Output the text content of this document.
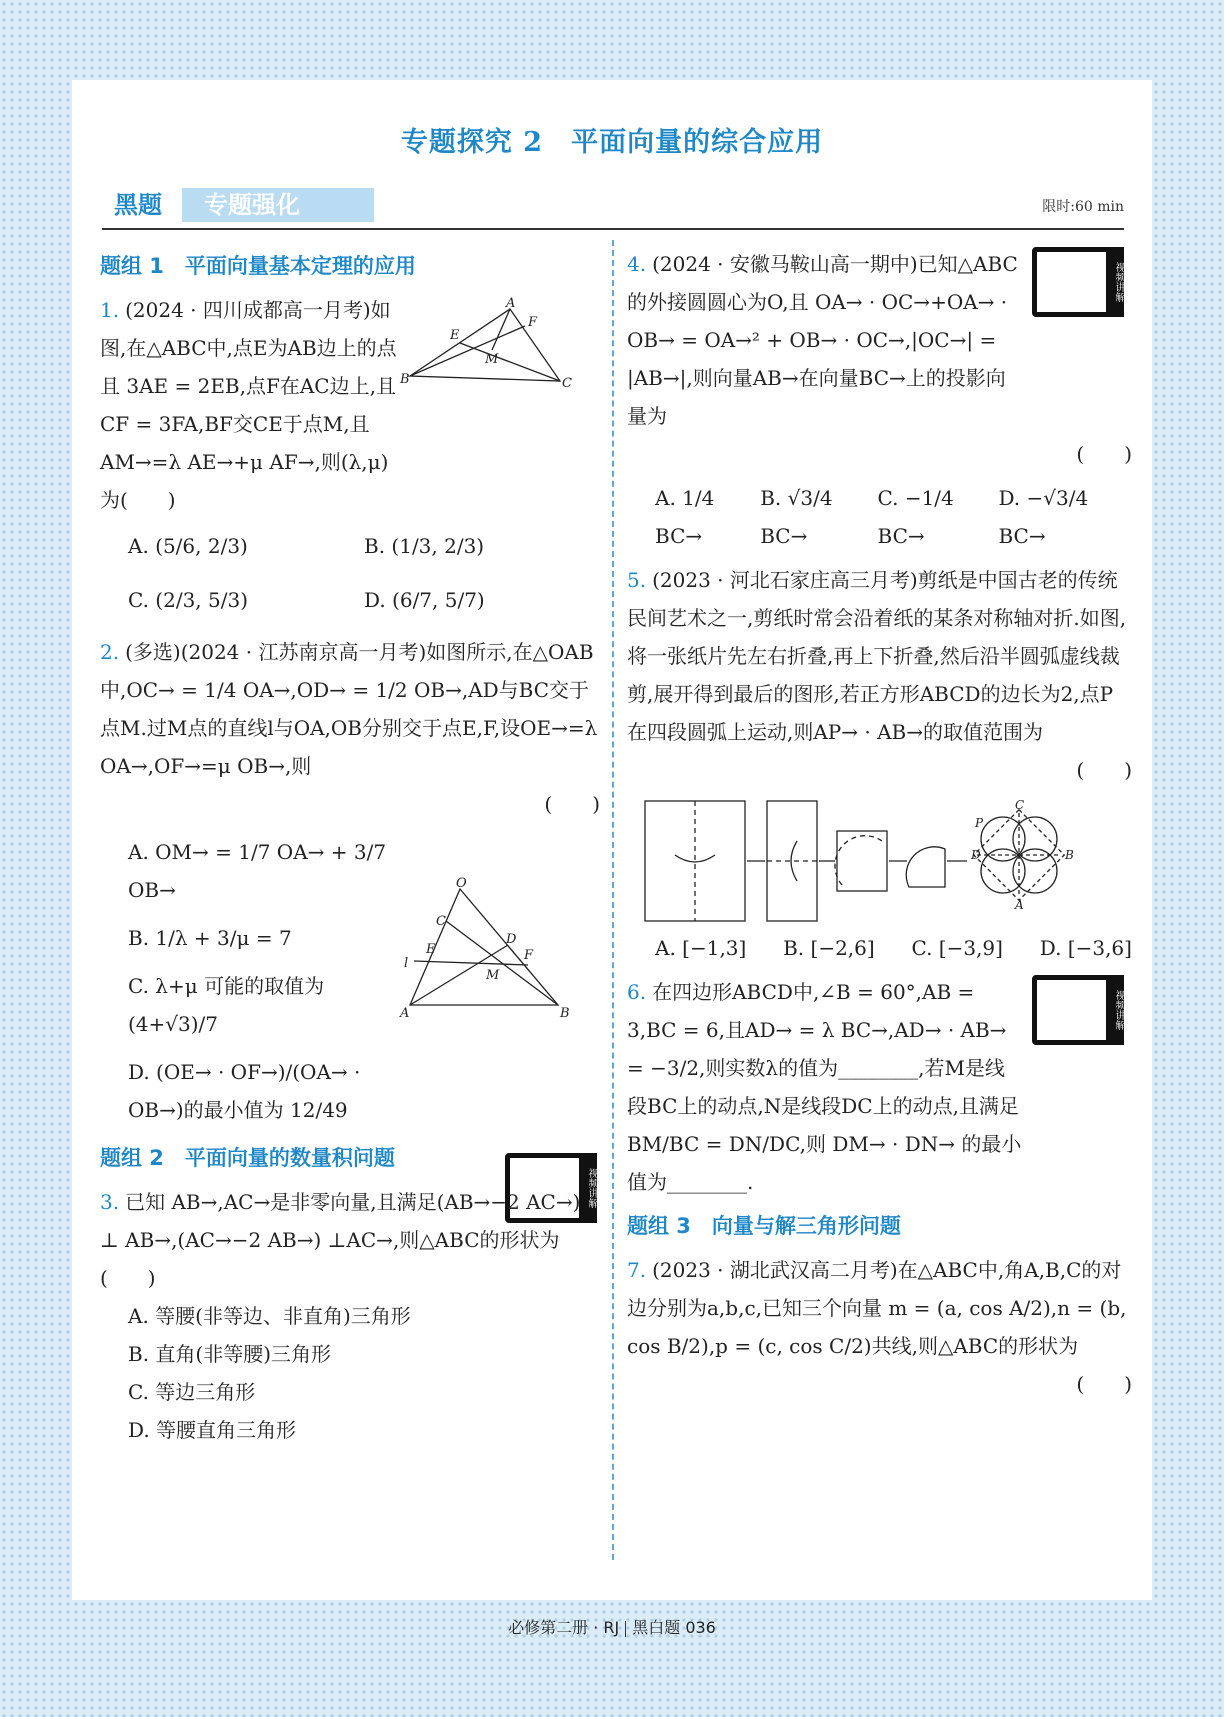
专题探究 2　平面向量的综合应用
黑题	专题强化	限时:60 min
题组 1　平面向量基本定理的应用
1. (2024 · 四川成都高一月考)如图,在△ABC中,点E为AB边上的点且 3AE = 2EB,点F在AC边上,且 CF = 3FA,BF交CE于点M,且AM→=λ AE→+μ AF→,则(λ,μ)为(　　)
A
F
E
M
B	C
A. (5/6, 2/3)	B. (1/3, 2/3)
C. (2/3, 5/3)	D. (6/7, 5/7)
2. (多选)(2024 · 江苏南京高一月考)如图所示,在△OAB中,OC→ = 1/4 OA→,OD→ = 1/2 OB→,AD与BC交于点M.过M点的直线l与OA,OB分别交于点E,F,设OE→=λ OA→,OF→=μ OB→,则
(　　)
A. OM→ = 1/7 OA→ + 3/7 OB→
B. 1/λ + 3/μ = 7
C. λ+μ 可能的取值为 (4+√3)/7
D. (OE→ · OF→)/(OA→ · OB→)的最小值为 12/49
O
C
E
D
F
l
M
A	B
视频讲解
题组 2　平面向量的数量积问题
3. 已知 AB→,AC→是非零向量,且满足(AB→−2 AC→) ⊥ AB→,(AC→−2 AB→) ⊥AC→,则△ABC的形状为(　　)
A. 等腰(非等边、非直角)三角形
B. 直角(非等腰)三角形
C. 等边三角形
D. 等腰直角三角形
视频讲解
4. (2024 · 安徽马鞍山高一期中)已知△ABC的外接圆圆心为O,且 OA→ · OC→+OA→ · OB→ = OA→² + OB→ · OC→,|OC→| = |AB→|,则向量AB→在向量BC→上的投影向量为
(　　)
A. 1/4 BC→
B. √3/4 BC→
C. −1/4 BC→
D. −√3/4 BC→
5. (2023 · 河北石家庄高三月考)剪纸是中国古老的传统民间艺术之一,剪纸时常会沿着纸的某条对称轴对折.如图,将一张纸片先左右折叠,再上下折叠,然后沿半圆弧虚线裁剪,展开得到最后的图形,若正方形ABCD的边长为2,点P在四段圆弧上运动,则AP→ · AB→的取值范围为
(　　)
P
C
D	B
A
A. [−1,3] B. [−2,6] C. [−3,9] D. [−3,6]
视频讲解
6. 在四边形ABCD中,∠B = 60°,AB = 3,BC = 6,且AD→ = λ BC→,AD→ · AB→ = −3/2,则实数λ的值为________,若M是线段BC上的动点,N是线段DC上的动点,且满足 BM/BC = DN/DC,则 DM→ · DN→ 的最小值为________.
题组 3　向量与解三角形问题
7. (2023 · 湖北武汉高二月考)在△ABC中,角A,B,C的对边分别为a,b,c,已知三个向量 m = (a, cos A/2),n = (b, cos B/2),p = (c, cos C/2)共线,则△ABC的形状为
(　　)
必修第二册 · RJ 黑白题 036
